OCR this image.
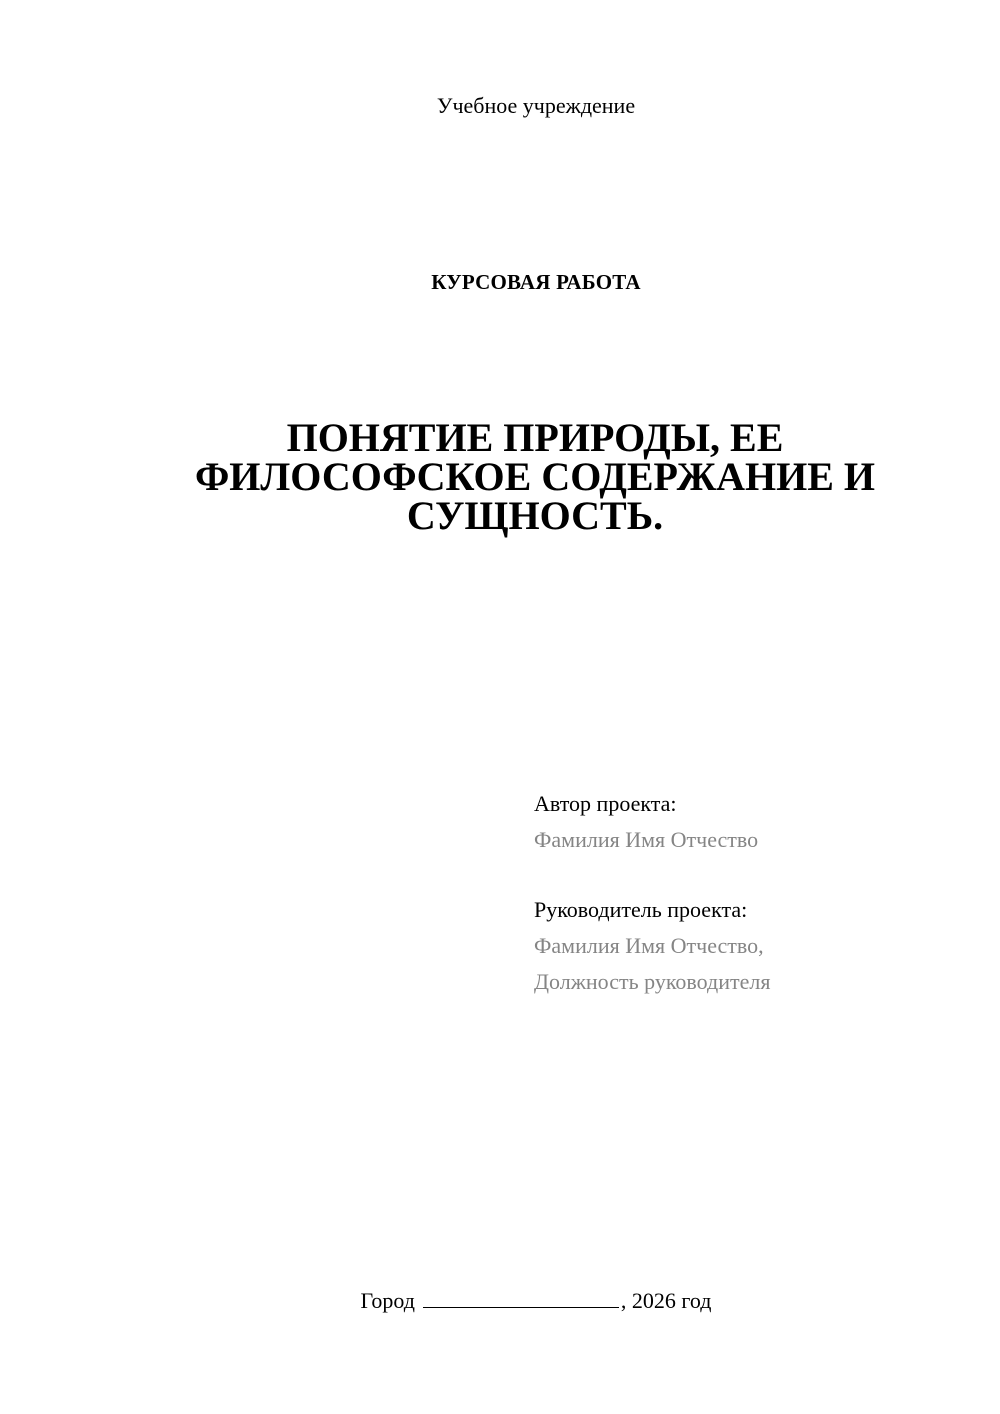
Учебное учреждение
КУРСОВАЯ РАБОТА
ПОНЯТИЕ ПРИРОДЫ, ЕЕ
ФИЛОСОФСКОЕ СОДЕРЖАНИЕ И
СУЩНОСТЬ.
Автор проекта:
Фамилия Имя Отчество
Руководитель проекта:
Фамилия Имя Отчество,
Должность руководителя
Город	, 2026 год
